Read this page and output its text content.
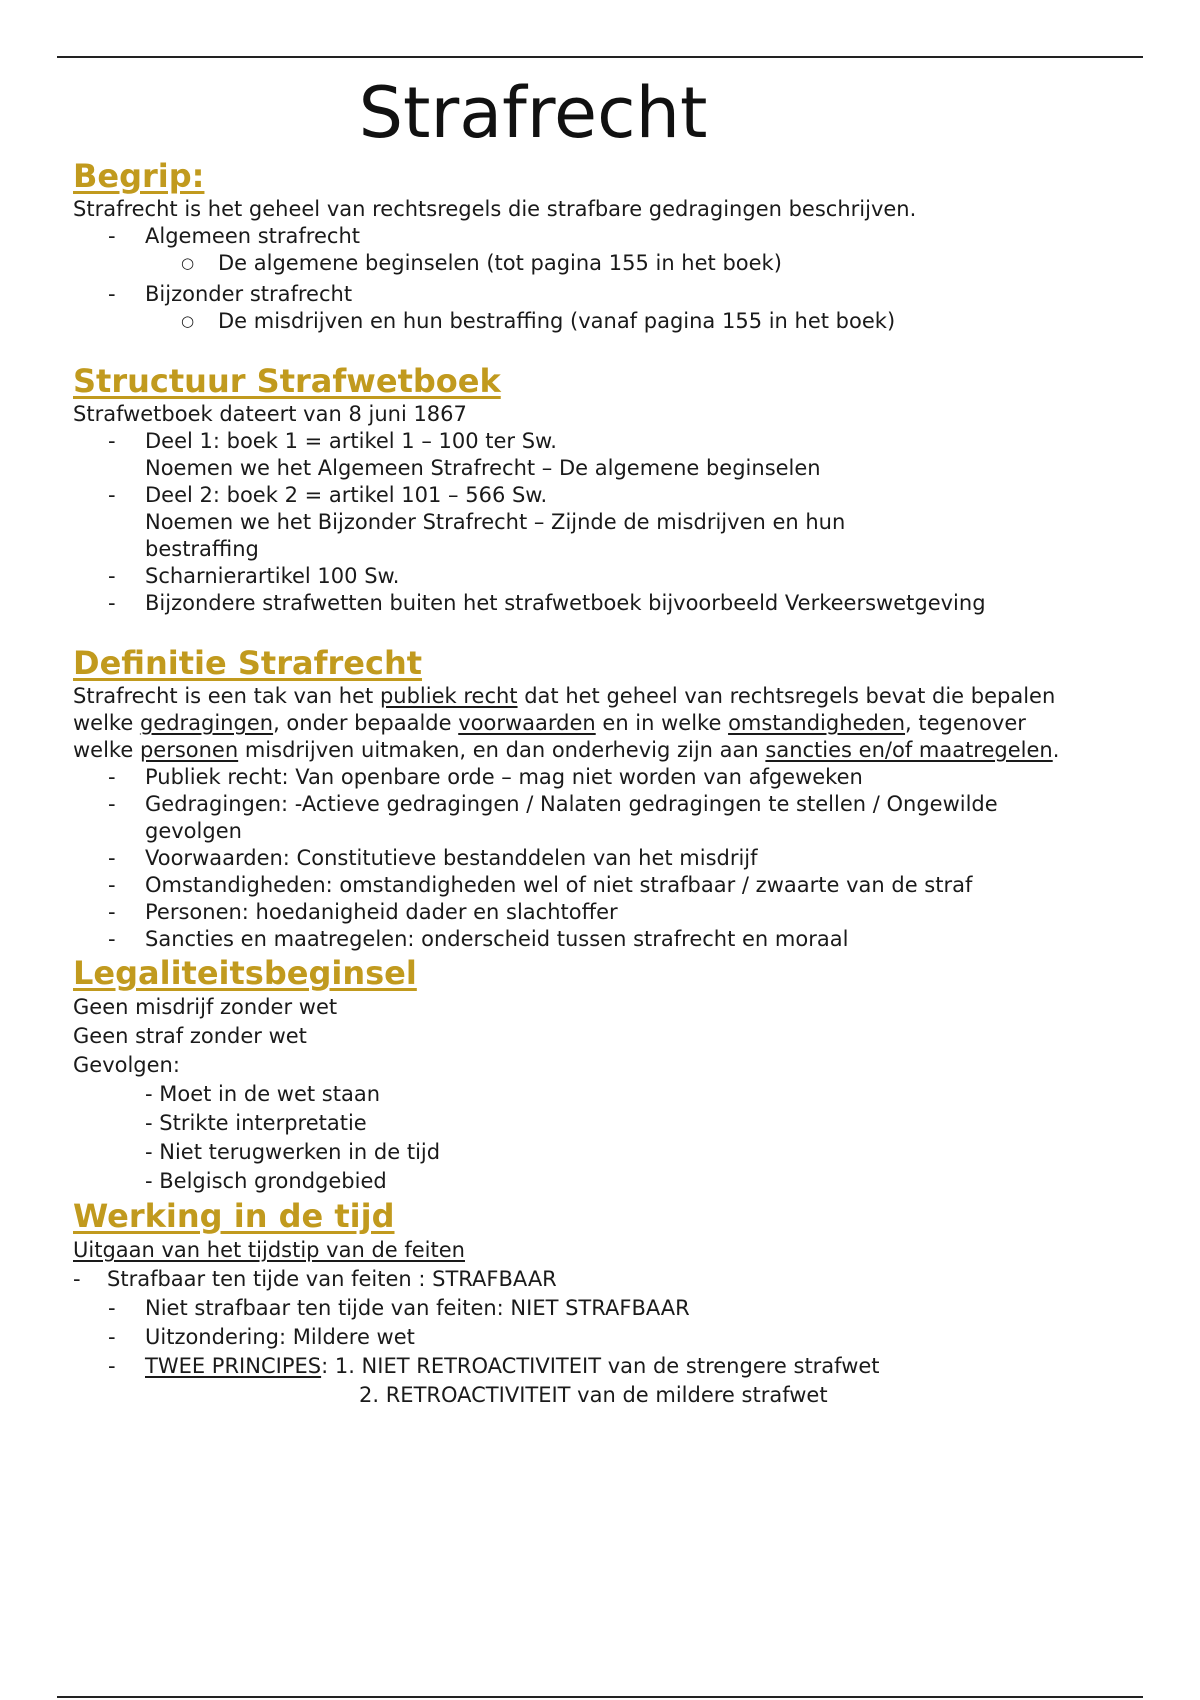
Strafrecht
Begrip:

Strafrecht is het geheel van rechtsregels die strafbare gedragingen beschrijven.

- Algemeen strafrecht

○ De algemene beginselen (tot pagina 155 in het boek)

- Bijzonder strafrecht

○ De misdrijven en hun bestraffing (vanaf pagina 155 in het boek)

Structuur Strafwetboek

Strafwetboek dateert van 8 juni 1867

- Deel 1: boek 1 = artikel 1 – 100 ter Sw.

Noemen we het Algemeen Strafrecht – De algemene beginselen

- Deel 2: boek 2 = artikel 101 – 566 Sw.

Noemen we het Bijzonder Strafrecht – Zijnde de misdrijven en hun

bestraffing

- Scharnierartikel 100 Sw.

- Bijzondere strafwetten buiten het strafwetboek bijvoorbeeld Verkeerswetgeving

Definitie Strafrecht

Strafrecht is een tak van het publiek recht dat het geheel van rechtsregels bevat die bepalen
welke gedragingen, onder bepaalde voorwaarden en in welke omstandigheden, tegenover
welke personen misdrijven uitmaken, en dan onderhevig zijn aan sancties en/of maatregelen.

- Publiek recht: Van openbare orde – mag niet worden van afgeweken

- Gedragingen: -Actieve gedragingen / Nalaten gedragingen te stellen / Ongewilde

gevolgen

- Voorwaarden: Constitutieve bestanddelen van het misdrijf

- Omstandigheden: omstandigheden wel of niet strafbaar / zwaarte van de straf

- Personen: hoedanigheid dader en slachtoffer

- Sancties en maatregelen: onderscheid tussen strafrecht en moraal

Legaliteitsbeginsel

Geen misdrijf zonder wet

Geen straf zonder wet

Gevolgen:

- Moet in de wet staan

- Strikte interpretatie

- Niet terugwerken in de tijd

- Belgisch grondgebied

Werking in de tijd

Uitgaan van het tijdstip van de feiten

- Strafbaar ten tijde van feiten : STRAFBAAR

- Niet strafbaar ten tijde van feiten: NIET STRAFBAAR

- Uitzondering: Mildere wet

- TWEE PRINCIPES: 1. NIET RETROACTIVITEIT van de strengere strafwet

2. RETROACTIVITEIT van de mildere strafwet
